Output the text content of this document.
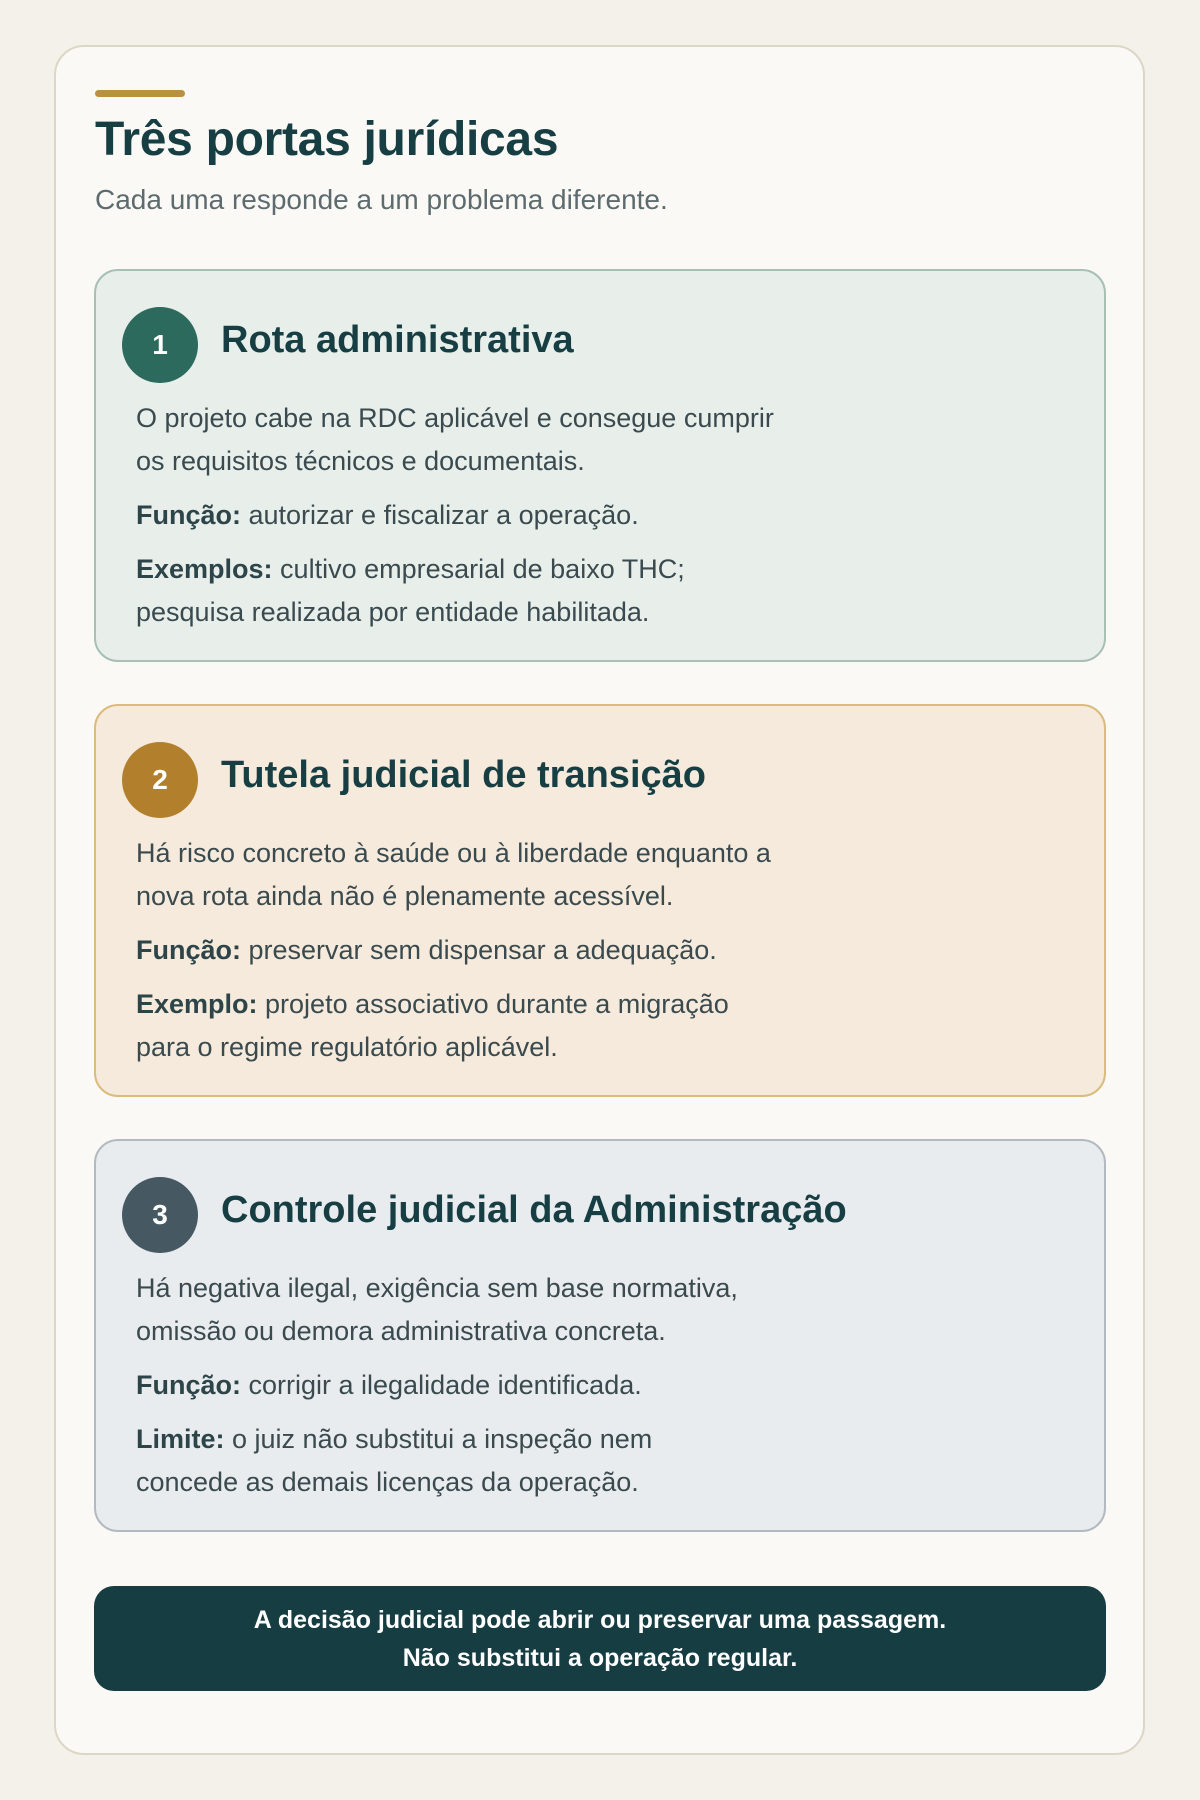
Três portas jurídicas

Cada uma responde a um problema diferente.

1	Rota administrativa
O projeto cabe na RDC aplicável e consegue cumprir
os requisitos técnicos e documentais.
Função: autorizar e fiscalizar a operação.
Exemplos: cultivo empresarial de baixo THC;
pesquisa realizada por entidade habilitada.
2	Tutela judicial de transição
Há risco concreto à saúde ou à liberdade enquanto a
nova rota ainda não é plenamente acessível.
Função: preservar sem dispensar a adequação.
Exemplo: projeto associativo durante a migração
para o regime regulatório aplicável.
3	Controle judicial da Administração
Há negativa ilegal, exigência sem base normativa,
omissão ou demora administrativa concreta.
Função: corrigir a ilegalidade identificada.
Limite: o juiz não substitui a inspeção nem
concede as demais licenças da operação.
A decisão judicial pode abrir ou preservar uma passagem.
Não substitui a operação regular.
